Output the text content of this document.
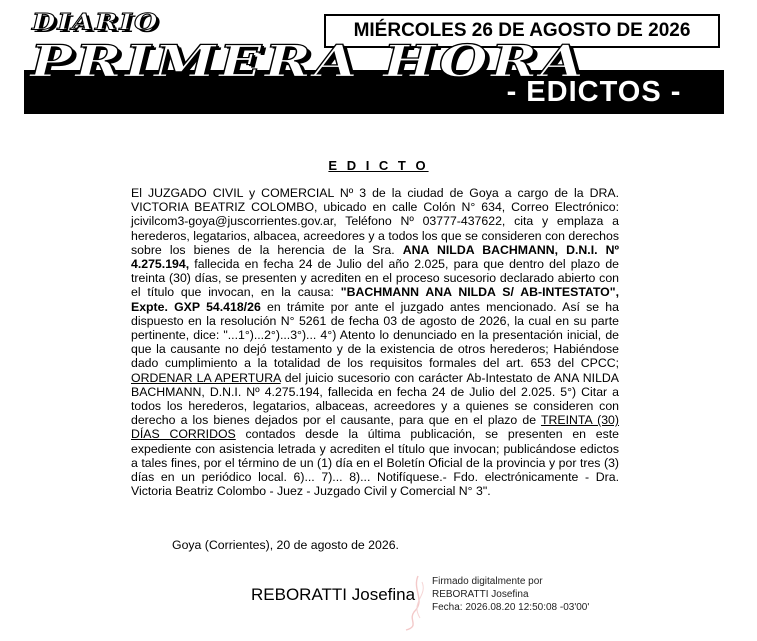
DIARIO
PRIMERA HORA
MIÉRCOLES 26 DE AGOSTO DE 2026
- EDICTOS -
E D I C T O
El JUZGADO CIVIL y COMERCIAL Nº 3 de la ciudad de Goya a cargo de la DRA. VICTORIA BEATRIZ COLOMBO, ubicado en calle Colón N° 634, Correo Electrónico: jcivilcom3-goya@juscorrientes.gov.ar, Teléfono Nº 03777-437622, cita y emplaza a herederos, legatarios, albacea, acreedores y a todos los que se consideren con derechos sobre los bienes de la herencia de la Sra. ANA NILDA BACHMANN, D.N.I. Nº 4.275.194, fallecida en fecha 24 de Julio del año 2.025, para que dentro del plazo de treinta (30) días, se presenten y acrediten en el proceso sucesorio declarado abierto con el título que invocan, en la causa: "BACHMANN ANA NILDA S/ AB-INTESTATO", Expte. GXP 54.418/26 en trámite por ante el juzgado antes mencionado. Así se ha dispuesto en la resolución N° 5261 de fecha 03 de agosto de 2026, la cual en su parte pertinente, dice: "...1°)...2°)...3°)... 4°) Atento lo denunciado en la presentación inicial, de que la causante no dejó testamento y de la existencia de otros herederos; Habiéndose dado cumplimiento a la totalidad de los requisitos formales del art. 653 del CPCC; ORDENAR LA APERTURA del juicio sucesorio con carácter Ab-Intestato de ANA NILDA BACHMANN, D.N.I. Nº 4.275.194, fallecida en fecha 24 de Julio del 2.025. 5°) Citar a todos los herederos, legatarios, albaceas, acreedores y a quienes se consideren con derecho a los bienes dejados por el causante, para que en el plazo de TREINTA (30) DÍAS CORRIDOS contados desde la última publicación, se presenten en este expediente con asistencia letrada y acrediten el título que invocan; publicándose edictos a tales fines, por el término de un (1) día en el Boletín Oficial de la provincia y por tres (3) días en un periódico local. 6)... 7)... 8)... Notifíquese.- Fdo. electrónicamente - Dra. Victoria Beatriz Colombo - Juez - Juzgado Civil y Comercial N° 3".
Goya (Corrientes), 20 de agosto de 2026.
REBORATTI Josefina
Firmado digitalmente por
REBORATTI Josefina
Fecha: 2026.08.20 12:50:08 -03'00'
